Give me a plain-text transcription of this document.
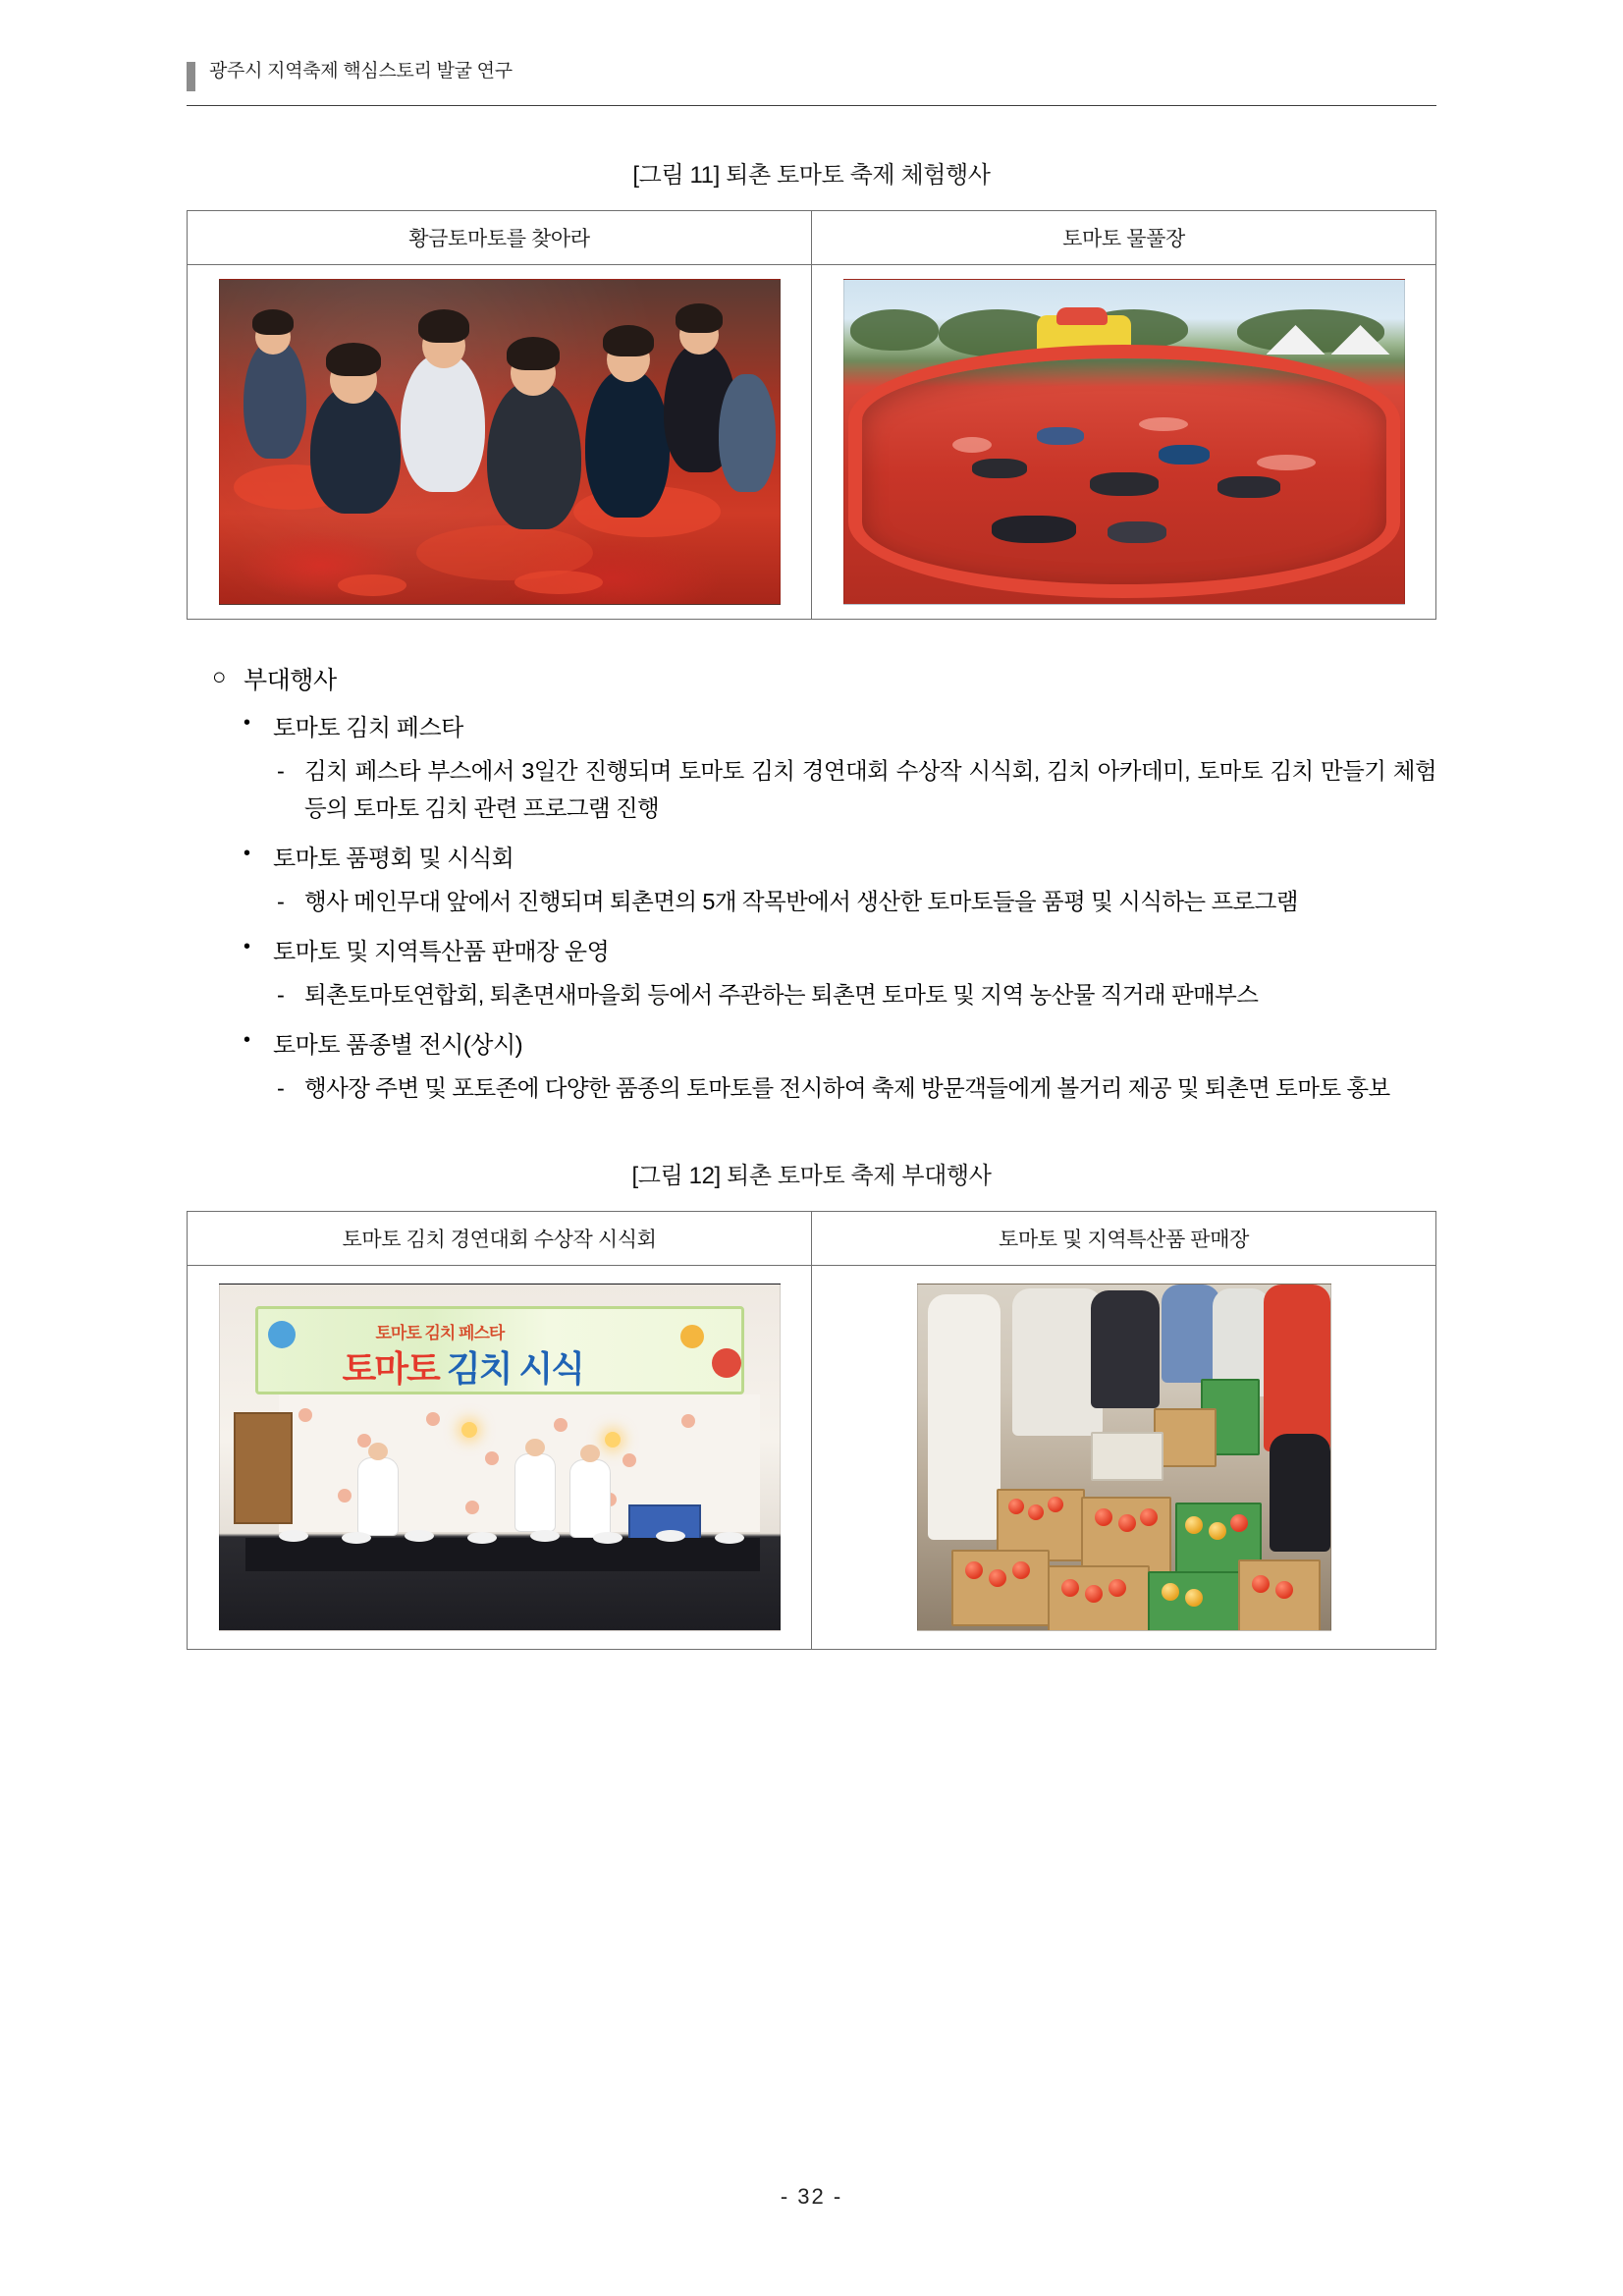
광주시 지역축제 핵심스토리 발굴 연구
[그림 11] 퇴촌 토마토 축제 체험행사
황금토마토를 찾아라	토마토 물풀장

○ 부대행사
• 토마토 김치 페스타
- 김치 페스타 부스에서 3일간 진행되며 토마토 김치 경연대회 수상작 시식회, 김치 아카데미, 토마토 김치 만들기 체험 등의 토마토 김치 관련 프로그램 진행
• 토마토 품평회 및 시식회
- 행사 메인무대 앞에서 진행되며 퇴촌면의 5개 작목반에서 생산한 토마토들을 품평 및 시식하는 프로그램
• 토마토 및 지역특산품 판매장 운영
- 퇴촌토마토연합회, 퇴촌면새마을회 등에서 주관하는 퇴촌면 토마토 및 지역 농산물 직거래 판매부스
• 토마토 품종별 전시(상시)
- 행사장 주변 및 포토존에 다양한 품종의 토마토를 전시하여 축제 방문객들에게 볼거리 제공 및 퇴촌면 토마토 홍보
[그림 12] 퇴촌 토마토 축제 부대행사
토마토 김치 경연대회 수상작 시식회	토마토 및 지역특산품 판매장

토마토 김치 페스타
토마토 김치 시식	

- 32 -
